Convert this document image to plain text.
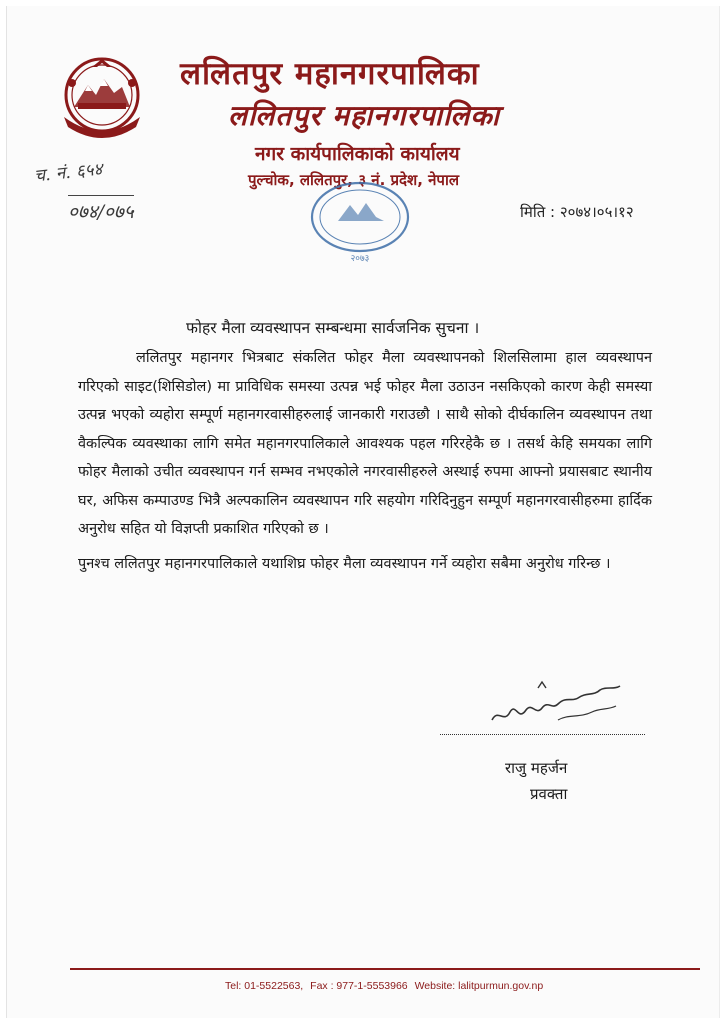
ललितपुर महानगरपालिका
ललितपुर महानगरपालिका
नगर कार्यपालिकाको कार्यालय
पुल्चोक, ललितपुर, ३ नं. प्रदेश, नेपाल
२०७३
च. नं. ६५४
०७४/०७५	मिति : २०७४।०५।१२
फोहर मैला व्यवस्थापन सम्बन्धमा सार्वजनिक सुचना ।

ललितपुर महानगर भित्रबाट संकलित फोहर मैला व्यवस्थापनको शिलसिलामा हाल व्यवस्थापन गरिएको साइट(शिसिडोल) मा प्राविधिक समस्या उत्पन्न भई फोहर मैला उठाउन नसकिएको कारण केही समस्या उत्पन्न भएको व्यहोरा सम्पूर्ण महानगरवासीहरुलाई जानकारी गराउछौ । साथै सोको दीर्घकालिन व्यवस्थापन तथा वैकल्पिक व्यवस्थाका लागि समेत महानगरपालिकाले आवश्यक पहल गरिरहेकै छ । तसर्थ केहि समयका लागि फोहर मैलाको उचीत व्यवस्थापन गर्न सम्भव नभएकोले नगरवासीहरुले अस्थाई रुपमा आफ्नो प्रयासबाट स्थानीय घर, अफिस कम्पाउण्ड भित्रै अल्पकालिन व्यवस्थापन गरि सहयोग गरिदिनुहुन सम्पूर्ण महानगरवासीहरुमा हार्दिक अनुरोध सहित यो विज्ञप्ती प्रकाशित गरिएको छ ।

पुनश्च ललितपुर महानगरपालिकाले यथाशिघ्र फोहर मैला व्यवस्थापन गर्ने व्यहोरा सबैमा अनुरोध गरिन्छ ।

राजु महर्जन
प्रवक्ता
Tel: 01-5522563, Fax : 977-1-5553966 Website: lalitpurmun.gov.np
